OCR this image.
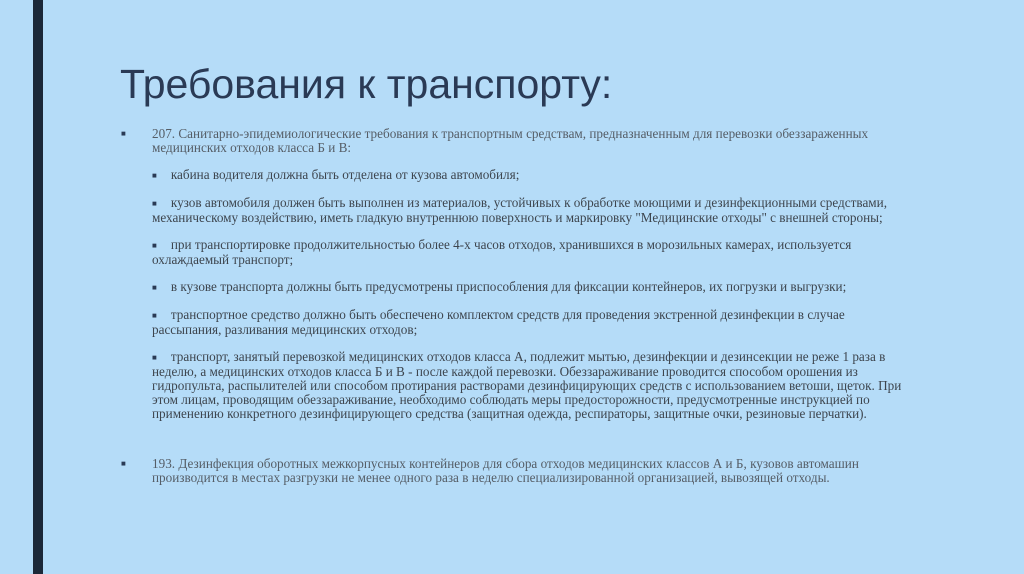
Требования к транспорту:
■ 207. Санитарно-эпидемиологические требования к транспортным средствам, предназначенным для перевозки обеззараженных медицинских отходов класса Б и В:
■ кабина водителя должна быть отделена от кузова автомобиля;
■ кузов автомобиля должен быть выполнен из материалов, устойчивых к обработке моющими и дезинфекционными средствами, механическому воздействию, иметь гладкую внутреннюю поверхность и маркировку "Медицинские отходы" с внешней стороны;
■ при транспортировке продолжительностью более 4-х часов отходов, хранившихся в морозильных камерах, используется охлаждаемый транспорт;
■ в кузове транспорта должны быть предусмотрены приспособления для фиксации контейнеров, их погрузки и выгрузки;
■ транспортное средство должно быть обеспечено комплектом средств для проведения экстренной дезинфекции в случае рассыпания, разливания медицинских отходов;
■ транспорт, занятый перевозкой медицинских отходов класса А, подлежит мытью, дезинфекции и дезинсекции не реже 1 раза в неделю, а медицинских отходов класса Б и В - после каждой перевозки. Обеззараживание проводится способом орошения из гидропульта, распылителей или способом протирания растворами дезинфицирующих средств с использованием ветоши, щеток. При этом лицам, проводящим обеззараживание, необходимо соблюдать меры предосторожности, предусмотренные инструкцией по применению конкретного дезинфицирующего средства (защитная одежда, респираторы, защитные очки, резиновые перчатки).
■ 193. Дезинфекция оборотных межкорпусных контейнеров для сбора отходов медицинских классов А и Б, кузовов автомашин производится в местах разгрузки не менее одного раза в неделю специализированной организацией, вывозящей отходы.
